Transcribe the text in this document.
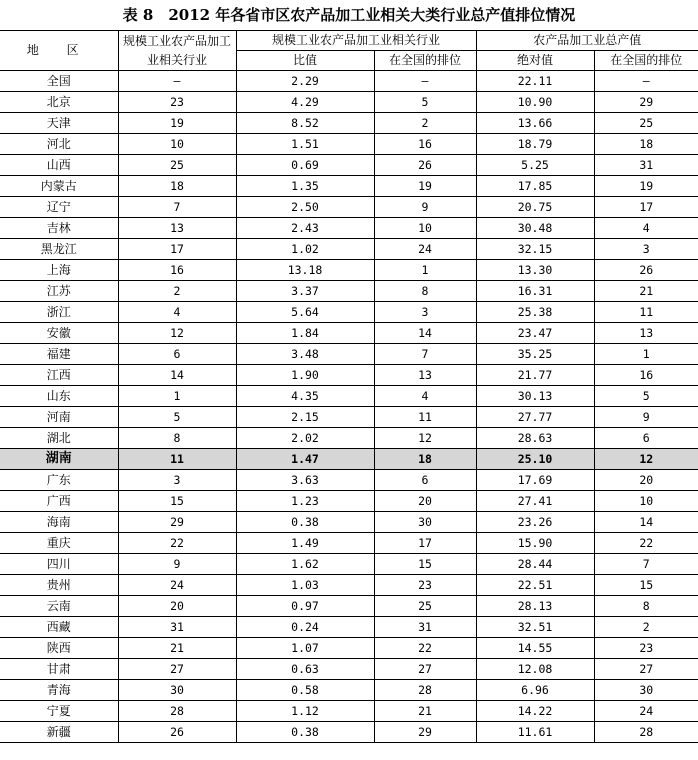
表 8　2012 年各省市区农产品加工业相关大类行业总产值排位情况
地 区	规模工业农产品加工业相关行业	规模工业农产品加工业相关行业		农产品加工业总产值	
		比值	在全国的排位	绝对值	在全国的排位
全国	—	2.29	—	22.11	—
北京	23	4.29	5	10.90	29
天津	19	8.52	2	13.66	25
河北	10	1.51	16	18.79	18
山西	25	0.69	26	5.25	31
内蒙古	18	1.35	19	17.85	19
辽宁	7	2.50	9	20.75	17
吉林	13	2.43	10	30.48	4
黑龙江	17	1.02	24	32.15	3
上海	16	13.18	1	13.30	26
江苏	2	3.37	8	16.31	21
浙江	4	5.64	3	25.38	11
安徽	12	1.84	14	23.47	13
福建	6	3.48	7	35.25	1
江西	14	1.90	13	21.77	16
山东	1	4.35	4	30.13	5
河南	5	2.15	11	27.77	9
湖北	8	2.02	12	28.63	6
湖南	11	1.47	18	25.10	12
广东	3	3.63	6	17.69	20
广西	15	1.23	20	27.41	10
海南	29	0.38	30	23.26	14
重庆	22	1.49	17	15.90	22
四川	9	1.62	15	28.44	7
贵州	24	1.03	23	22.51	15
云南	20	0.97	25	28.13	8
西藏	31	0.24	31	32.51	2
陕西	21	1.07	22	14.55	23
甘肃	27	0.63	27	12.08	27
青海	30	0.58	28	6.96	30
宁夏	28	1.12	21	14.22	24
新疆	26	0.38	29	11.61	28
